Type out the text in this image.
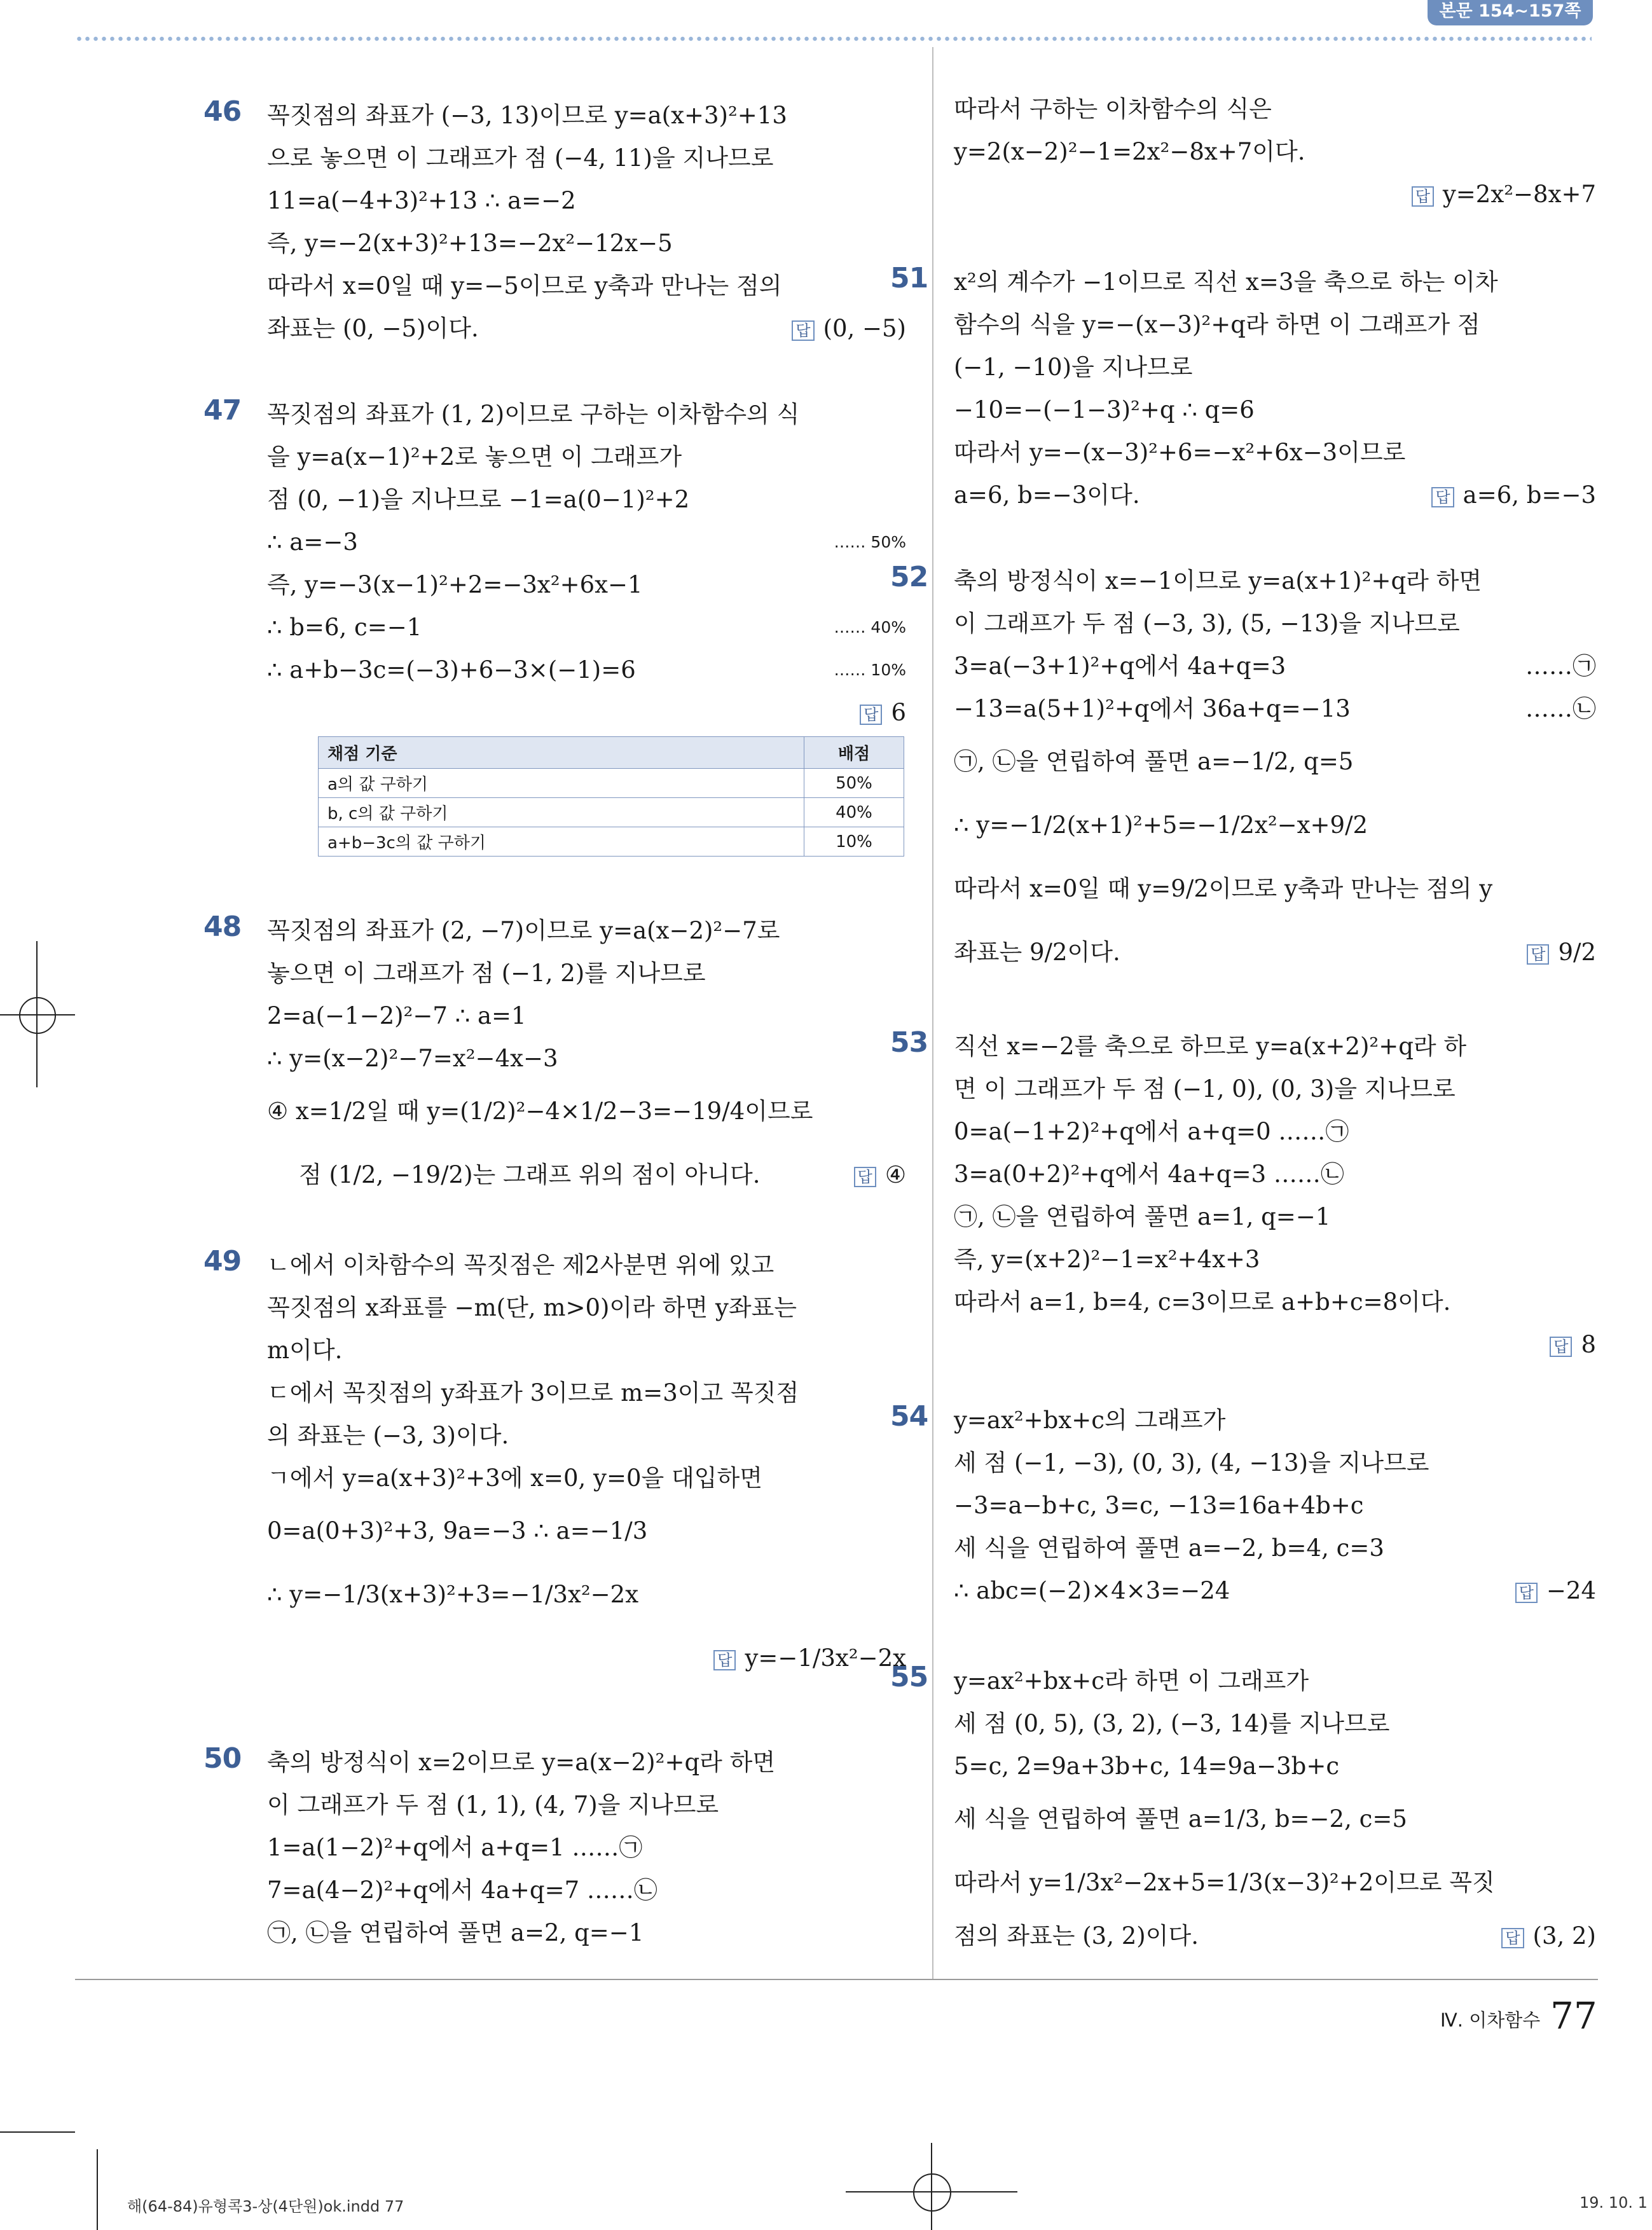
본문 154~157쪽
46 꼭짓점의 좌표가 (−3, 13)이므로 y=a(x+3)²+13
으로 놓으면 이 그래프가 점 (−4, 11)을 지나므로
11=a(−4+3)²+13 ∴ a=−2
즉, y=−2(x+3)²+13=−2x²−12x−5
따라서 x=0일 때 y=−5이므로 y축과 만나는 점의
좌표는 (0, −5)이다.	답 (0, −5)
47 꼭짓점의 좌표가 (1, 2)이므로 구하는 이차함수의 식
을 y=a(x−1)²+2로 놓으면 이 그래프가
점 (0, −1)을 지나므로 −1=a(0−1)²+2
∴ a=−3	…… 50%
즉, y=−3(x−1)²+2=−3x²+6x−1
∴ b=6, c=−1	…… 40%
∴ a+b−3c=(−3)+6−3×(−1)=6	…… 10%
답 6
채점 기준	배점
a의 값 구하기	50%
b, c의 값 구하기	40%
a+b−3c의 값 구하기	10%
48 꼭짓점의 좌표가 (2, −7)이므로 y=a(x−2)²−7로
놓으면 이 그래프가 점 (−1, 2)를 지나므로
2=a(−1−2)²−7 ∴ a=1
∴ y=(x−2)²−7=x²−4x−3
④ x=1/2일 때 y=(1/2)²−4×1/2−3=−19/4이므로
점 (1/2, −19/2)는 그래프 위의 점이 아니다.	답 ④
49 ㄴ에서 이차함수의 꼭짓점은 제2사분면 위에 있고
꼭짓점의 x좌표를 −m(단, m>0)이라 하면 y좌표는
m이다.
ㄷ에서 꼭짓점의 y좌표가 3이므로 m=3이고 꼭짓점
의 좌표는 (−3, 3)이다.
ㄱ에서 y=a(x+3)²+3에 x=0, y=0을 대입하면
0=a(0+3)²+3, 9a=−3 ∴ a=−1/3
∴ y=−1/3(x+3)²+3=−1/3x²−2x
답 y=−1/3x²−2x
50 축의 방정식이 x=2이므로 y=a(x−2)²+q라 하면
이 그래프가 두 점 (1, 1), (4, 7)을 지나므로
1=a(1−2)²+q에서 a+q=1 ……㉠
7=a(4−2)²+q에서 4a+q=7 ……㉡
㉠, ㉡을 연립하여 풀면 a=2, q=−1
따라서 구하는 이차함수의 식은
y=2(x−2)²−1=2x²−8x+7이다.
답 y=2x²−8x+7
51 x²의 계수가 −1이므로 직선 x=3을 축으로 하는 이차
함수의 식을 y=−(x−3)²+q라 하면 이 그래프가 점
(−1, −10)을 지나므로
−10=−(−1−3)²+q ∴ q=6
따라서 y=−(x−3)²+6=−x²+6x−3이므로
a=6, b=−3이다.	답 a=6, b=−3
52 축의 방정식이 x=−1이므로 y=a(x+1)²+q라 하면
이 그래프가 두 점 (−3, 3), (5, −13)을 지나므로
3=a(−3+1)²+q에서 4a+q=3	……㉠
−13=a(5+1)²+q에서 36a+q=−13	……㉡
㉠, ㉡을 연립하여 풀면 a=−1/2, q=5
∴ y=−1/2(x+1)²+5=−1/2x²−x+9/2
따라서 x=0일 때 y=9/2이므로 y축과 만나는 점의 y
좌표는 9/2이다.	답 9/2
53 직선 x=−2를 축으로 하므로 y=a(x+2)²+q라 하
면 이 그래프가 두 점 (−1, 0), (0, 3)을 지나므로
0=a(−1+2)²+q에서 a+q=0 ……㉠
3=a(0+2)²+q에서 4a+q=3 ……㉡
㉠, ㉡을 연립하여 풀면 a=1, q=−1
즉, y=(x+2)²−1=x²+4x+3
따라서 a=1, b=4, c=3이므로 a+b+c=8이다.
답 8
54 y=ax²+bx+c의 그래프가
세 점 (−1, −3), (0, 3), (4, −13)을 지나므로
−3=a−b+c, 3=c, −13=16a+4b+c
세 식을 연립하여 풀면 a=−2, b=4, c=3
∴ abc=(−2)×4×3=−24	답 −24
55 y=ax²+bx+c라 하면 이 그래프가
세 점 (0, 5), (3, 2), (−3, 14)를 지나므로
5=c, 2=9a+3b+c, 14=9a−3b+c
세 식을 연립하여 풀면 a=1/3, b=−2, c=5
따라서 y=1/3x²−2x+5=1/3(x−3)²+2이므로 꼭짓
점의 좌표는 (3, 2)이다.	답 (3, 2)
Ⅳ. 이차함수 77
해(64-84)유형콕3-상(4단원)ok.indd 77	19. 10. 1
